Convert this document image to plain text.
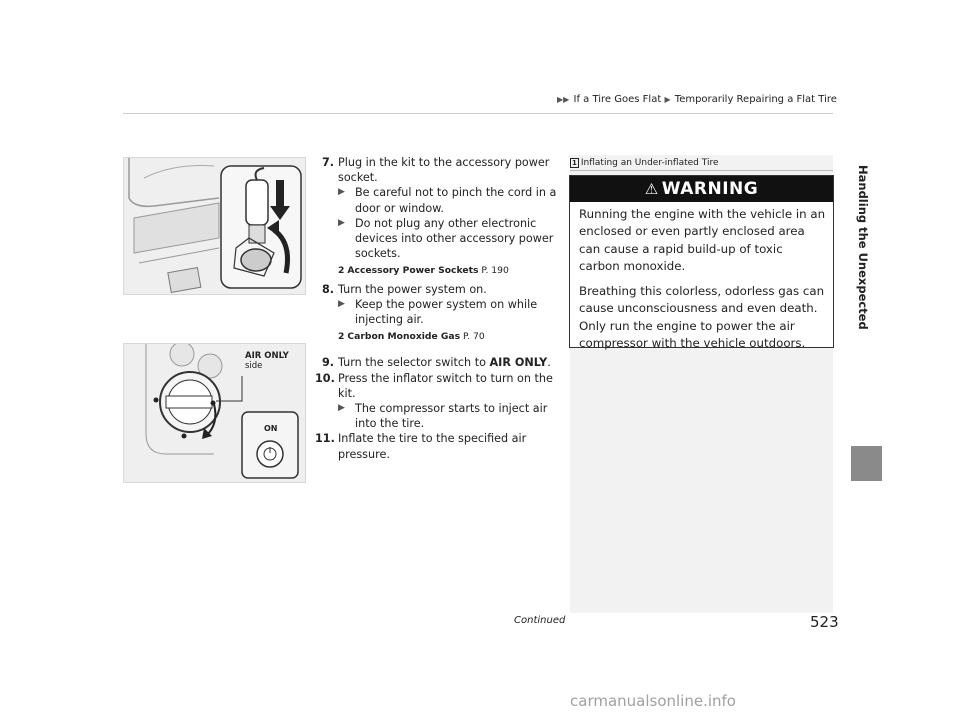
▶▶ If a Tire Goes Flat ▶ Temporarily Repairing a Flat Tire
AIR ONLY
side
ON
7. Plug in the kit to the accessory power socket.
▶ Be careful not to pinch the cord in a door or window.
▶ Do not plug any other electronic devices into other accessory power sockets.
2 Accessory Power Sockets P. 190
8. Turn the power system on.
▶ Keep the power system on while injecting air.
2 Carbon Monoxide Gas P. 70
9. Turn the selector switch to AIR ONLY.
10. Press the inflator switch to turn on the kit.
▶ The compressor starts to inject air into the tire.
11. Inflate the tire to the specified air pressure.
1 Inflating an Under-inflated Tire
⚠ WARNING

Running the engine with the vehicle in an enclosed or even partly enclosed area can cause a rapid build-up of toxic carbon monoxide.

Breathing this colorless, odorless gas can cause unconsciousness and even death. Only run the engine to power the air compressor with the vehicle outdoors.

Handling the Unexpected
Continued	523
carmanualsonline.info
